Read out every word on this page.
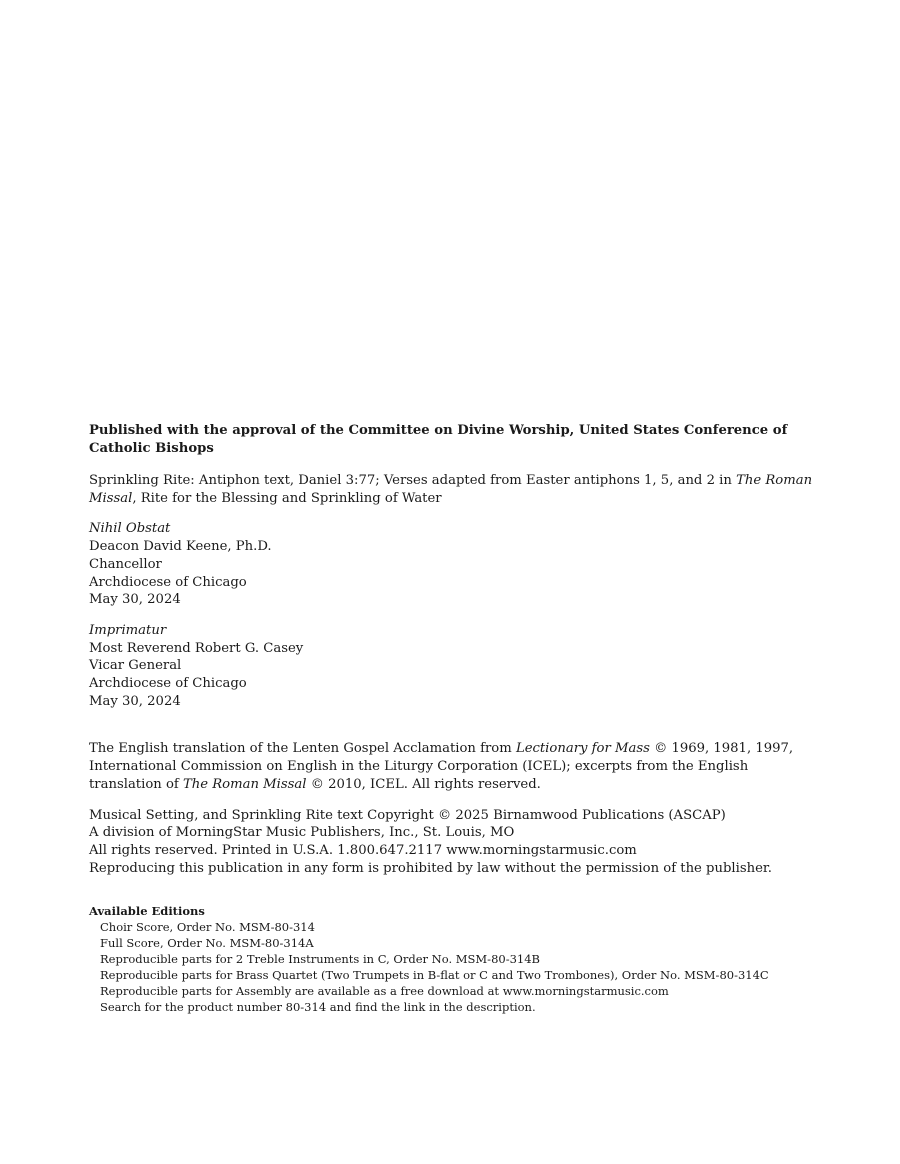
Published with the approval of the Committee on Divine Worship, United States Conference of Catholic Bishops

Sprinkling Rite: Antiphon text, Daniel 3:77; Verses adapted from Easter antiphons 1, 5, and 2 in The Roman Missal, Rite for the Blessing and Sprinkling of Water

Nihil Obstat

Deacon David Keene, Ph.D.

Chancellor

Archdiocese of Chicago

May 30, 2024

Imprimatur

Most Reverend Robert G. Casey

Vicar General

Archdiocese of Chicago

May 30, 2024

The English translation of the Lenten Gospel Acclamation from Lectionary for Mass © 1969, 1981, 1997, International Commission on English in the Liturgy Corporation (ICEL); excerpts from the English translation of The Roman Missal © 2010, ICEL. All rights reserved.

Musical Setting, and Sprinkling Rite text Copyright © 2025 Birnamwood Publications (ASCAP)

A division of MorningStar Music Publishers, Inc., St. Louis, MO

All rights reserved. Printed in U.S.A. 1.800.647.2117 www.morningstarmusic.com

Reproducing this publication in any form is prohibited by law without the permission of the publisher.

Available Editions

Choir Score, Order No. MSM-80-314

Full Score, Order No. MSM-80-314A

Reproducible parts for 2 Treble Instruments in C, Order No. MSM-80-314B

Reproducible parts for Brass Quartet (Two Trumpets in B-flat or C and Two Trombones), Order No. MSM-80-314C

Reproducible parts for Assembly are available as a free download at www.morningstarmusic.com

Search for the product number 80-314 and find the link in the description.
